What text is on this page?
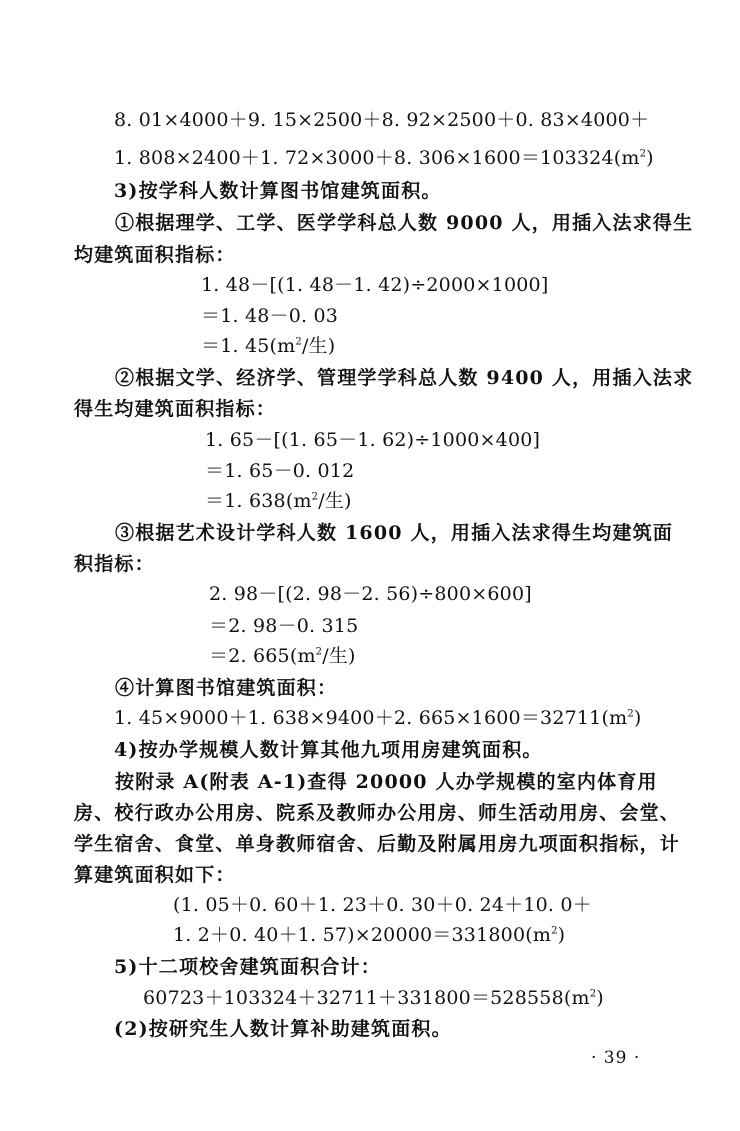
8. 01×4000＋9. 15×2500＋8. 92×2500＋0. 83×4000＋
1. 808×2400＋1. 72×3000＋8. $306\times 1600=103324(m^2)$
3)按学科人数计算图书馆建筑面积。
①根据理学、工学、医学学科总人数 9000 人，用插入法求得生
均建筑面积指标：
1. 48－[(1. 48－1. 42)÷2000×1000]
＝1. 48－0. 03
＝1. $45(m^2/$生)
②根据文学、经济学、管理学学科总人数 9400 人，用插入法求
得生均建筑面积指标：
1. 65－[(1. 65－1. 62)÷1000×400]
＝1. 65－0. 012
＝1. $638(m^2/$生)
③根据艺术设计学科人数 1600 人，用插入法求得生均建筑面
积指标：
2. 98－[(2. 98－2. 56)÷800×600]
＝2. 98－0. 315
＝2. $665(m^2/$生)
④计算图书馆建筑面积：
1. 45×9000＋1. 638×9400＋2. $665\times 1600=32711(m^2)$
4)按办学规模人数计算其他九项用房建筑面积。
按附录 A(附表 A-1)查得 20000 人办学规模的室内体育用
房、校行政办公用房、院系及教师办公用房、师生活动用房、会堂、
学生宿舍、食堂、单身教师宿舍、后勤及附属用房九项面积指标，计
算建筑面积如下：
(1. 05＋0. 60＋1. 23＋0. 30＋0. 24＋10. 0＋
1. 2＋0. 40＋1. $57)\times 20000=331800(m^2)$
5)十二项校舍建筑面积合计：
$60723+103324+32711+331800=528558(m^2)$
(2)按研究生人数计算补助建筑面积。
· 39 ·
